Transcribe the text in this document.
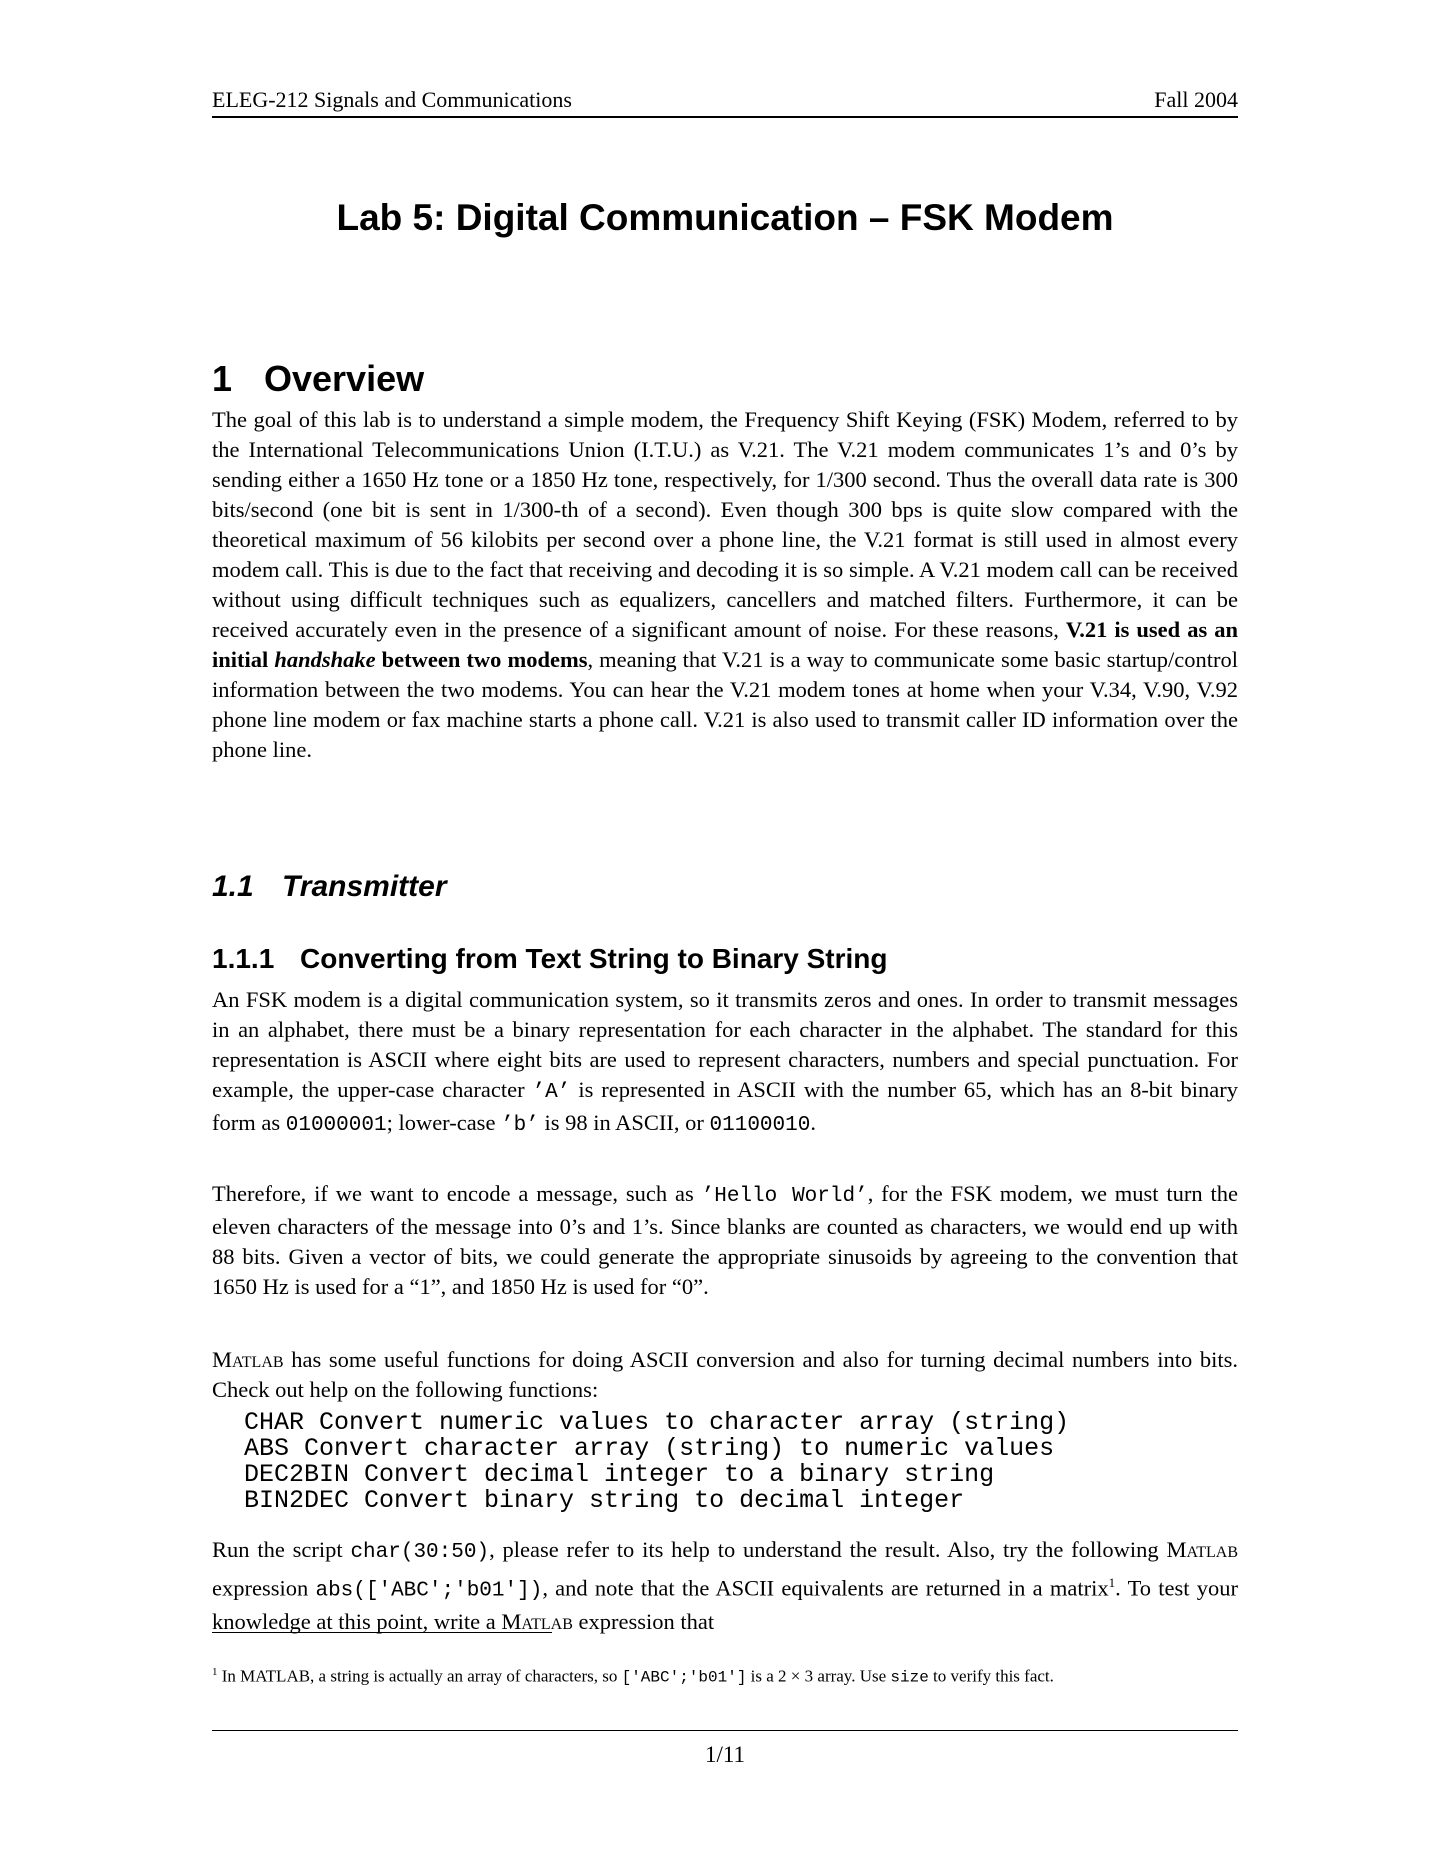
ELEG-212 Signals and Communications	Fall 2004
Lab 5: Digital Communication – FSK Modem
1 Overview
The goal of this lab is to understand a simple modem, the Frequency Shift Keying (FSK) Modem, referred to by the International Telecommunications Union (I.T.U.) as V.21. The V.21 modem communicates 1’s and 0’s by sending either a 1650 Hz tone or a 1850 Hz tone, respectively, for 1/300 second. Thus the overall data rate is 300 bits/second (one bit is sent in 1/300-th of a second). Even though 300 bps is quite slow compared with the theoretical maximum of 56 kilobits per second over a phone line, the V.21 format is still used in almost every modem call. This is due to the fact that receiving and decoding it is so simple. A V.21 modem call can be received without using difficult techniques such as equalizers, cancellers and matched filters. Furthermore, it can be received accurately even in the presence of a significant amount of noise. For these reasons, V.21 is used as an initial handshake between two modems, meaning that V.21 is a way to communicate some basic startup/control information between the two modems. You can hear the V.21 modem tones at home when your V.34, V.90, V.92 phone line modem or fax machine starts a phone call. V.21 is also used to transmit caller ID information over the phone line.
1.1 Transmitter
1.1.1 Converting from Text String to Binary String
An FSK modem is a digital communication system, so it transmits zeros and ones. In order to transmit messages in an alphabet, there must be a binary representation for each character in the alphabet. The standard for this representation is ASCII where eight bits are used to represent characters, numbers and special punctuation. For example, the upper-case character ’A’ is represented in ASCII with the number 65, which has an 8-bit binary form as 01000001; lower-case ’b’ is 98 in ASCII, or 01100010.
Therefore, if we want to encode a message, such as ’Hello World’, for the FSK modem, we must turn the eleven characters of the message into 0’s and 1’s. Since blanks are counted as characters, we would end up with 88 bits. Given a vector of bits, we could generate the appropriate sinusoids by agreeing to the convention that 1650 Hz is used for a “1”, and 1850 Hz is used for “0”.
Matlab has some useful functions for doing ASCII conversion and also for turning decimal numbers into bits. Check out help on the following functions:
CHAR Convert numeric values to character array (string)
ABS Convert character array (string) to numeric values
DEC2BIN Convert decimal integer to a binary string
BIN2DEC Convert binary string to decimal integer
Run the script char(30:50), please refer to its help to understand the result. Also, try the following Matlab expression abs(['ABC';'b01']), and note that the ASCII equivalents are returned in a matrix$^1$. To test your knowledge at this point, write a Matlab expression that
$^1$ In MATLAB, a string is actually an array of characters, so ['ABC';'b01'] is a 2 × 3 array. Use size to verify this fact.
1/11
